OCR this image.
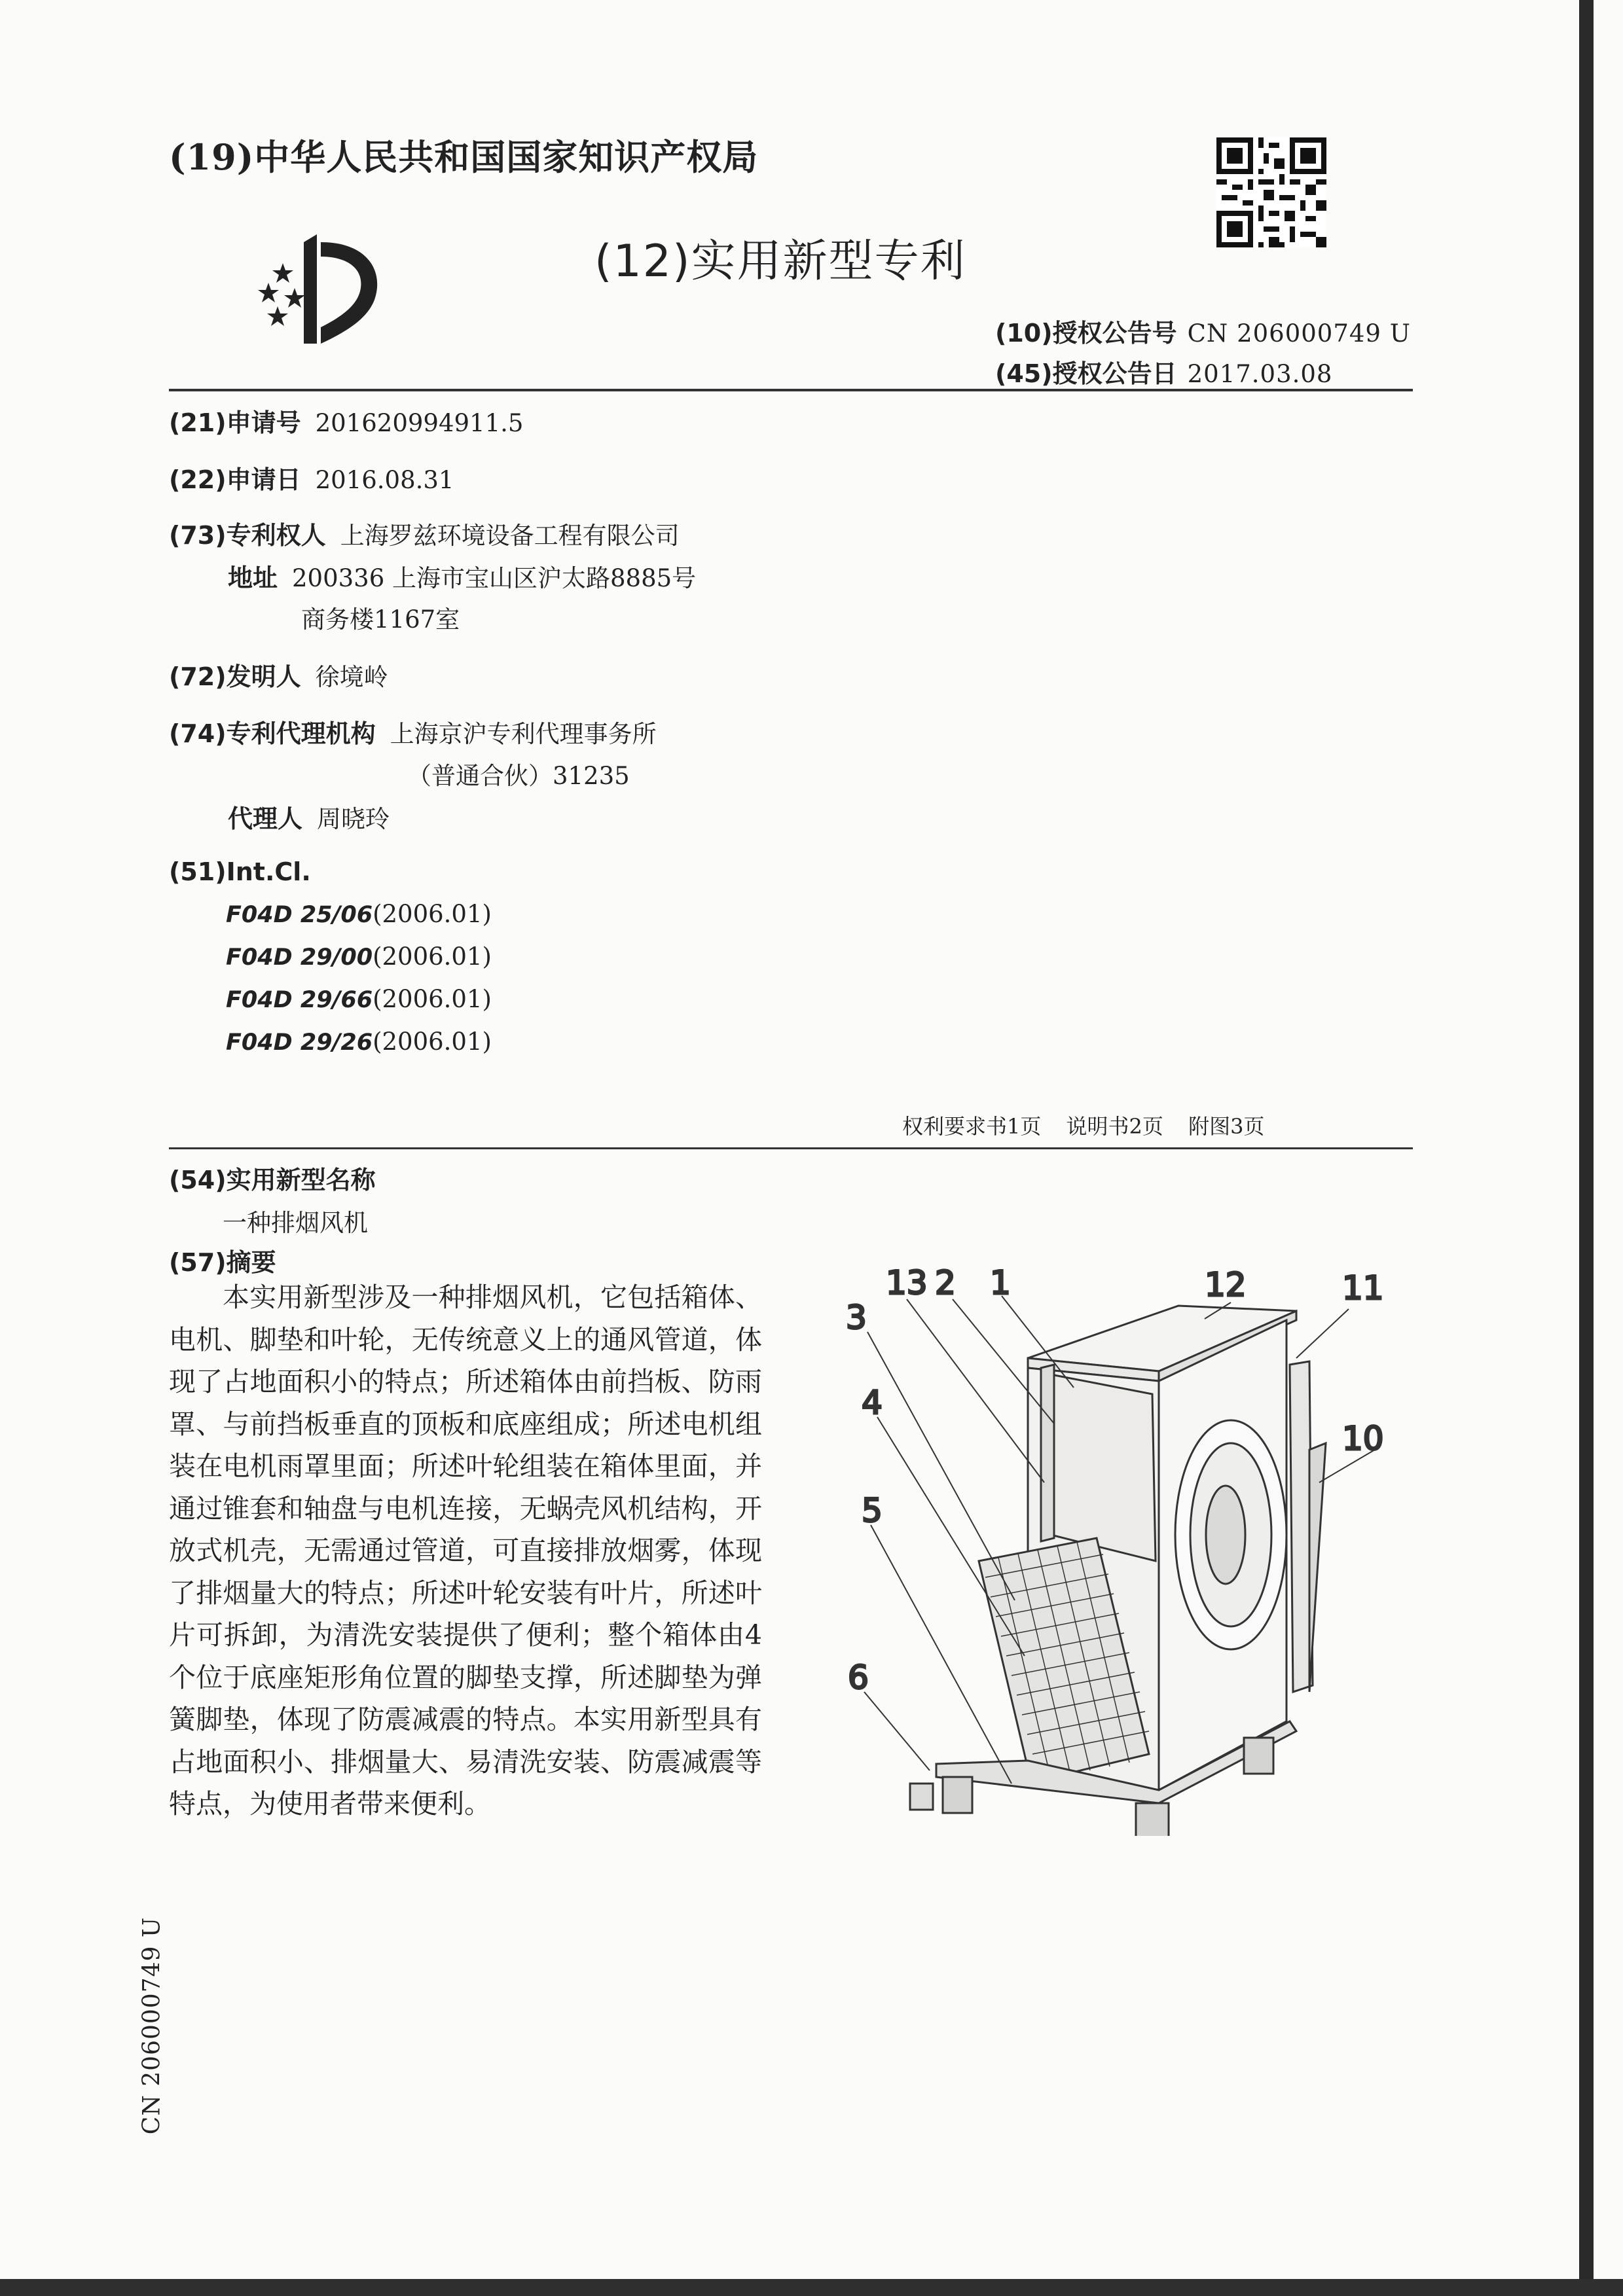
(19)中华人民共和国国家知识产权局
(12)实用新型专利
(10)授权公告号 CN 206000749 U
(45)授权公告日 2017.03.08
(21)申请号 201620994911.5
(22)申请日 2016.08.31
(73)专利权人 上海罗兹环境设备工程有限公司
地址 200336 上海市宝山区沪太路8885号
商务楼1167室
(72)发明人 徐境岭
(74)专利代理机构 上海京沪专利代理事务所
（普通合伙）31235
代理人 周晓玲
(51)Int.Cl.
F04D 25/06(2006.01)
F04D 29/00(2006.01)
F04D 29/66(2006.01)
F04D 29/26(2006.01)
权利要求书1页 说明书2页 附图3页
(54)实用新型名称
一种排烟风机
(57)摘要
本实用新型涉及一种排烟风机，它包括箱体、电机、脚垫和叶轮，无传统意义上的通风管道，体现了占地面积小的特点；所述箱体由前挡板、防雨罩、与前挡板垂直的顶板和底座组成；所述电机组装在电机雨罩里面；所述叶轮组装在箱体里面，并通过锥套和轴盘与电机连接，无蜗壳风机结构，开放式机壳，无需通过管道，可直接排放烟雾，体现了排烟量大的特点；所述叶轮安装有叶片，所述叶片可拆卸，为清洗安装提供了便利；整个箱体由4个位于底座矩形角位置的脚垫支撑，所述脚垫为弹簧脚垫，体现了防震减震的特点。本实用新型具有占地面积小、排烟量大、易清洗安装、防震减震等特点，为使用者带来便利。
CN 206000749 U
13 2 1	12	11
3
4
10
5
6
